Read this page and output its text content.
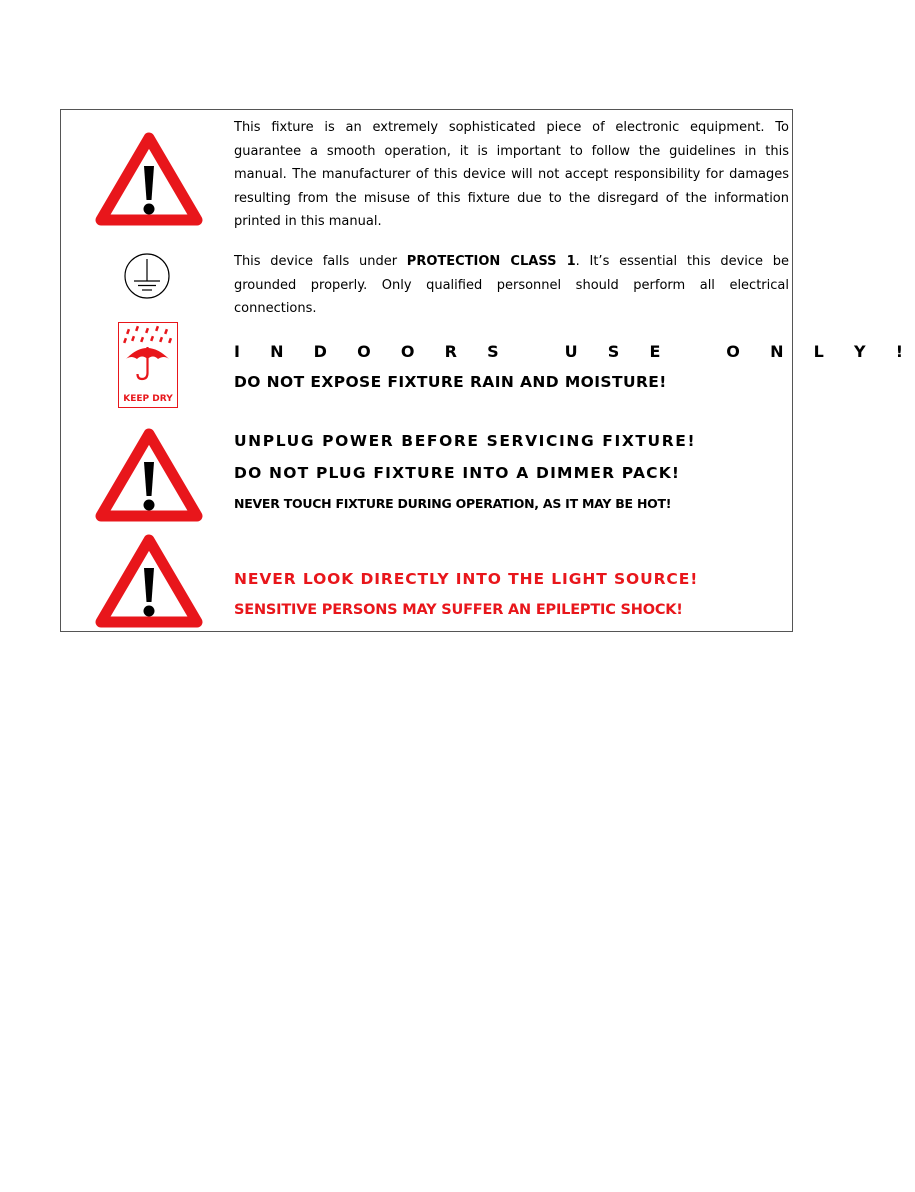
This fixture is an extremely sophisticated piece of electronic equipment. To guarantee a smooth operation, it is important to follow the guidelines in this manual. The manufacturer of this device will not accept responsibility for damages resulting from the misuse of this fixture due to the disregard of the information printed in this manual.

This device falls under PROTECTION CLASS 1. It’s essential this device be grounded properly. Only qualified personnel should perform all electrical connections.

KEEP DRY

I N D O O R S   U S E   O N L Y !

DO NOT EXPOSE FIXTURE RAIN AND MOISTURE!

UNPLUG POWER BEFORE SERVICING FIXTURE!

DO NOT PLUG FIXTURE INTO A DIMMER PACK!

NEVER TOUCH FIXTURE DURING OPERATION, AS IT MAY BE HOT!

NEVER LOOK DIRECTLY INTO THE LIGHT SOURCE!

SENSITIVE PERSONS MAY SUFFER AN EPILEPTIC SHOCK!
